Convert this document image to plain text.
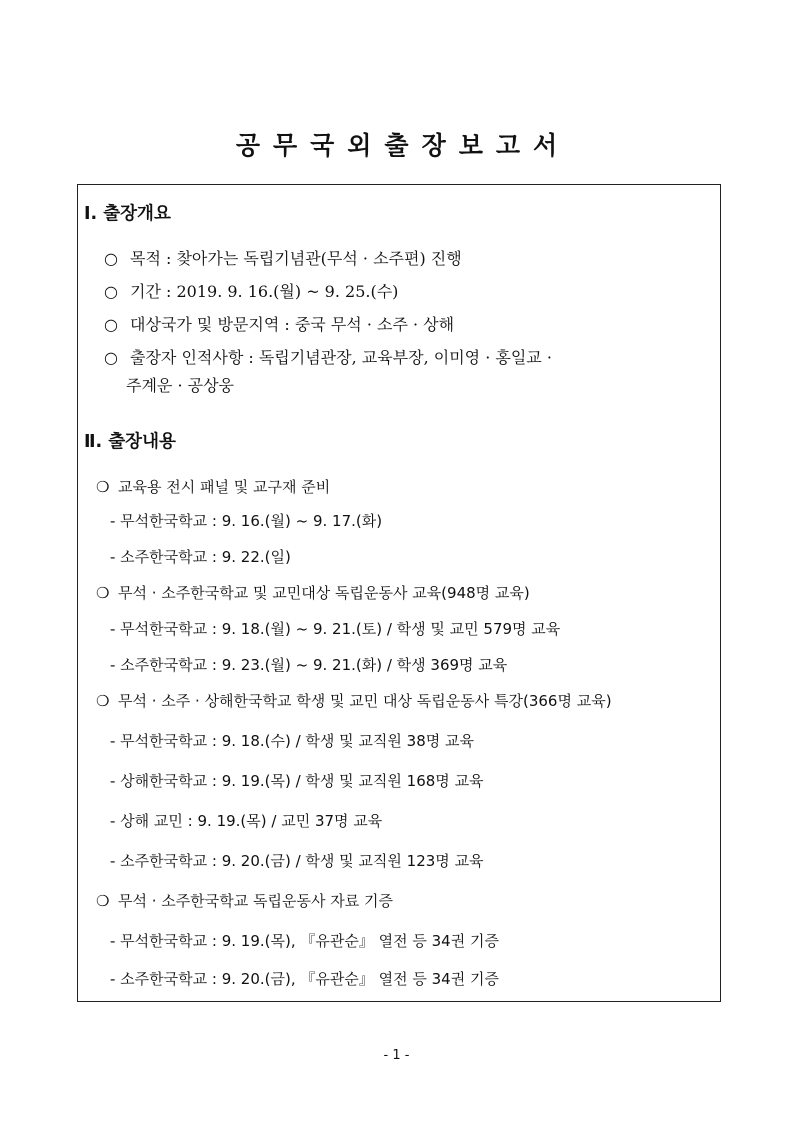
공무국외출장보고서
Ⅰ. 출장개요
○ 목적 : 찾아가는 독립기념관(무석 · 소주편) 진행
○ 기간 : 2019. 9. 16.(월) ~ 9. 25.(수)
○ 대상국가 및 방문지역 : 중국 무석 · 소주 · 상해
○ 출장자 인적사항 : 독립기념관장, 교육부장, 이미영 · 홍일교 ·
주계운 · 공상웅
Ⅱ. 출장내용
❍ 교육용 전시 패널 및 교구재 준비
- 무석한국학교 : 9. 16.(월) ~ 9. 17.(화)
- 소주한국학교 : 9. 22.(일)
❍ 무석 · 소주한국학교 및 교민대상 독립운동사 교육(948명 교육)
- 무석한국학교 : 9. 18.(월) ~ 9. 21.(토) / 학생 및 교민 579명 교육
- 소주한국학교 : 9. 23.(월) ~ 9. 21.(화) / 학생 369명 교육
❍ 무석 · 소주 · 상해한국학교 학생 및 교민 대상 독립운동사 특강(366명 교육)
- 무석한국학교 : 9. 18.(수) / 학생 및 교직원 38명 교육
- 상해한국학교 : 9. 19.(목) / 학생 및 교직원 168명 교육
- 상해 교민 : 9. 19.(목) / 교민 37명 교육
- 소주한국학교 : 9. 20.(금) / 학생 및 교직원 123명 교육
❍ 무석 · 소주한국학교 독립운동사 자료 기증
- 무석한국학교 : 9. 19.(목), 『유관순』 열전 등 34권 기증
- 소주한국학교 : 9. 20.(금), 『유관순』 열전 등 34권 기증
- 1 -
